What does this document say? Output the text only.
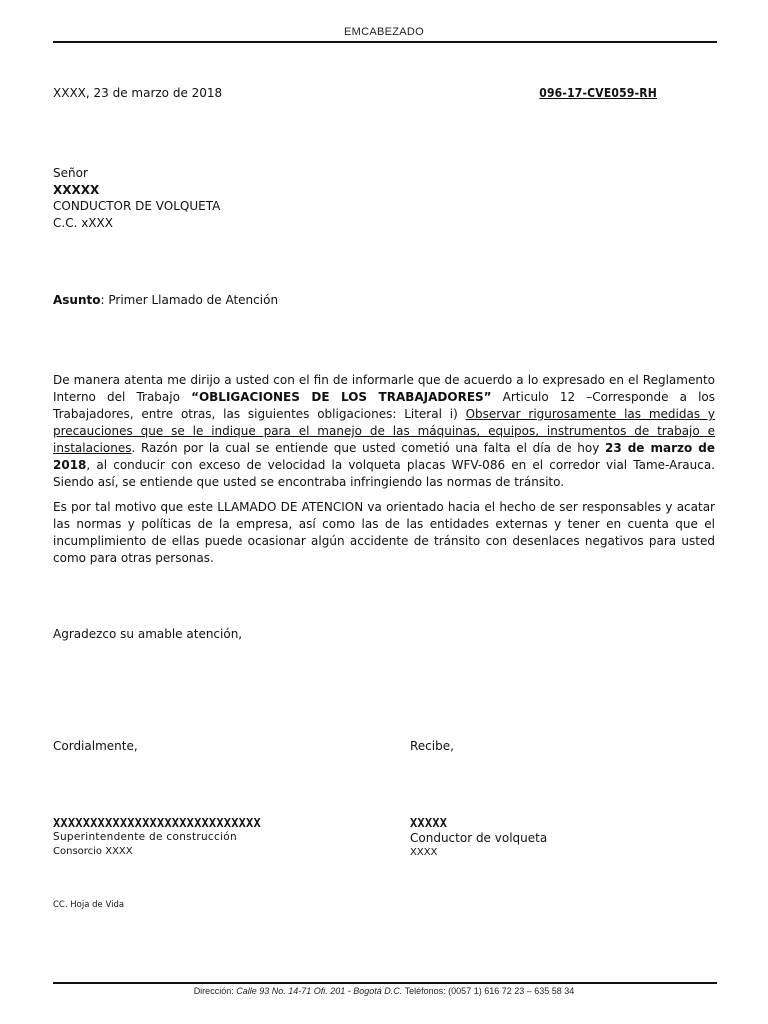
EMCABEZADO
XXXX, 23 de marzo de 2018	096-17-CVE059-RH
Señor
XXXXX
CONDUCTOR DE VOLQUETA
C.C. xXXX
Asunto: Primer Llamado de Atención
De manera atenta me dirijo a usted con el fin de informarle que de acuerdo a lo expresado en el Reglamento Interno del Trabajo “OBLIGACIONES DE LOS TRABAJADORES” Articulo 12 –Corresponde a los Trabajadores, entre otras, las siguientes obligaciones: Literal i) Observar rigurosamente las medidas y precauciones que se le indique para el manejo de las máquinas, equipos, instrumentos de trabajo e instalaciones. Razón por la cual se entiende que usted cometió una falta el día de hoy 23 de marzo de 2018, al conducir con exceso de velocidad la volqueta placas WFV-086 en el corredor vial Tame-Arauca. Siendo así, se entiende que usted se encontraba infringiendo las normas de tránsito.
Es por tal motivo que este LLAMADO DE ATENCION va orientado hacia el hecho de ser responsables y acatar las normas y políticas de la empresa, así como las de las entidades externas y tener en cuenta que el incumplimiento de ellas puede ocasionar algún accidente de tránsito con desenlaces negativos para usted como para otras personas.
Agradezco su amable atención,
Cordialmente,	Recibe,
XXXXXXXXXXXXXXXXXXXXXXXXXXXX
Superintendente de construcción
Consorcio XXXX
XXXXX
Conductor de volqueta
XXXX
CC. Hoja de Vida
Dirección: Calle 93 No. 14-71 Ofi. 201 - Bogotá D.C. Teléfonos: (0057 1) 616 72 23 – 635 58 34
